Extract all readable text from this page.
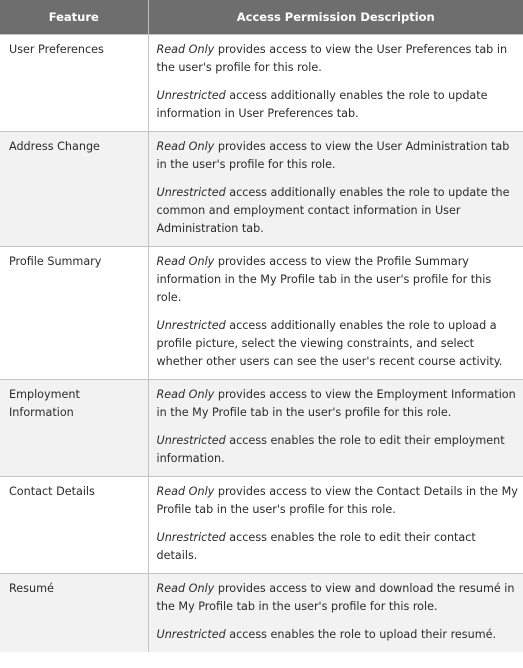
Feature	Access Permission Description
User Preferences	Read Only provides access to view the User Preferences tab in the user's profile for this role.

Unrestricted access additionally enables the role to update information in User Preferences tab.

Address Change	Read Only provides access to view the User Administration tab in the user's profile for this role.

Unrestricted access additionally enables the role to update the common and employment contact information in User Administration tab.

Profile Summary	Read Only provides access to view the Profile Summary information in the My Profile tab in the user's profile for this role.

Unrestricted access additionally enables the role to upload a profile picture, select the viewing constraints, and select whether other users can see the user's recent course activity.

Employment Information	Read Only provides access to view the Employment Information in the My Profile tab in the user's profile for this role.

Unrestricted access enables the role to edit their employment information.

Contact Details	Read Only provides access to view the Contact Details in the My Profile tab in the user's profile for this role.

Unrestricted access enables the role to edit their contact details.

Resumé	Read Only provides access to view and download the resumé in the My Profile tab in the user's profile for this role.

Unrestricted access enables the role to upload their resumé.
